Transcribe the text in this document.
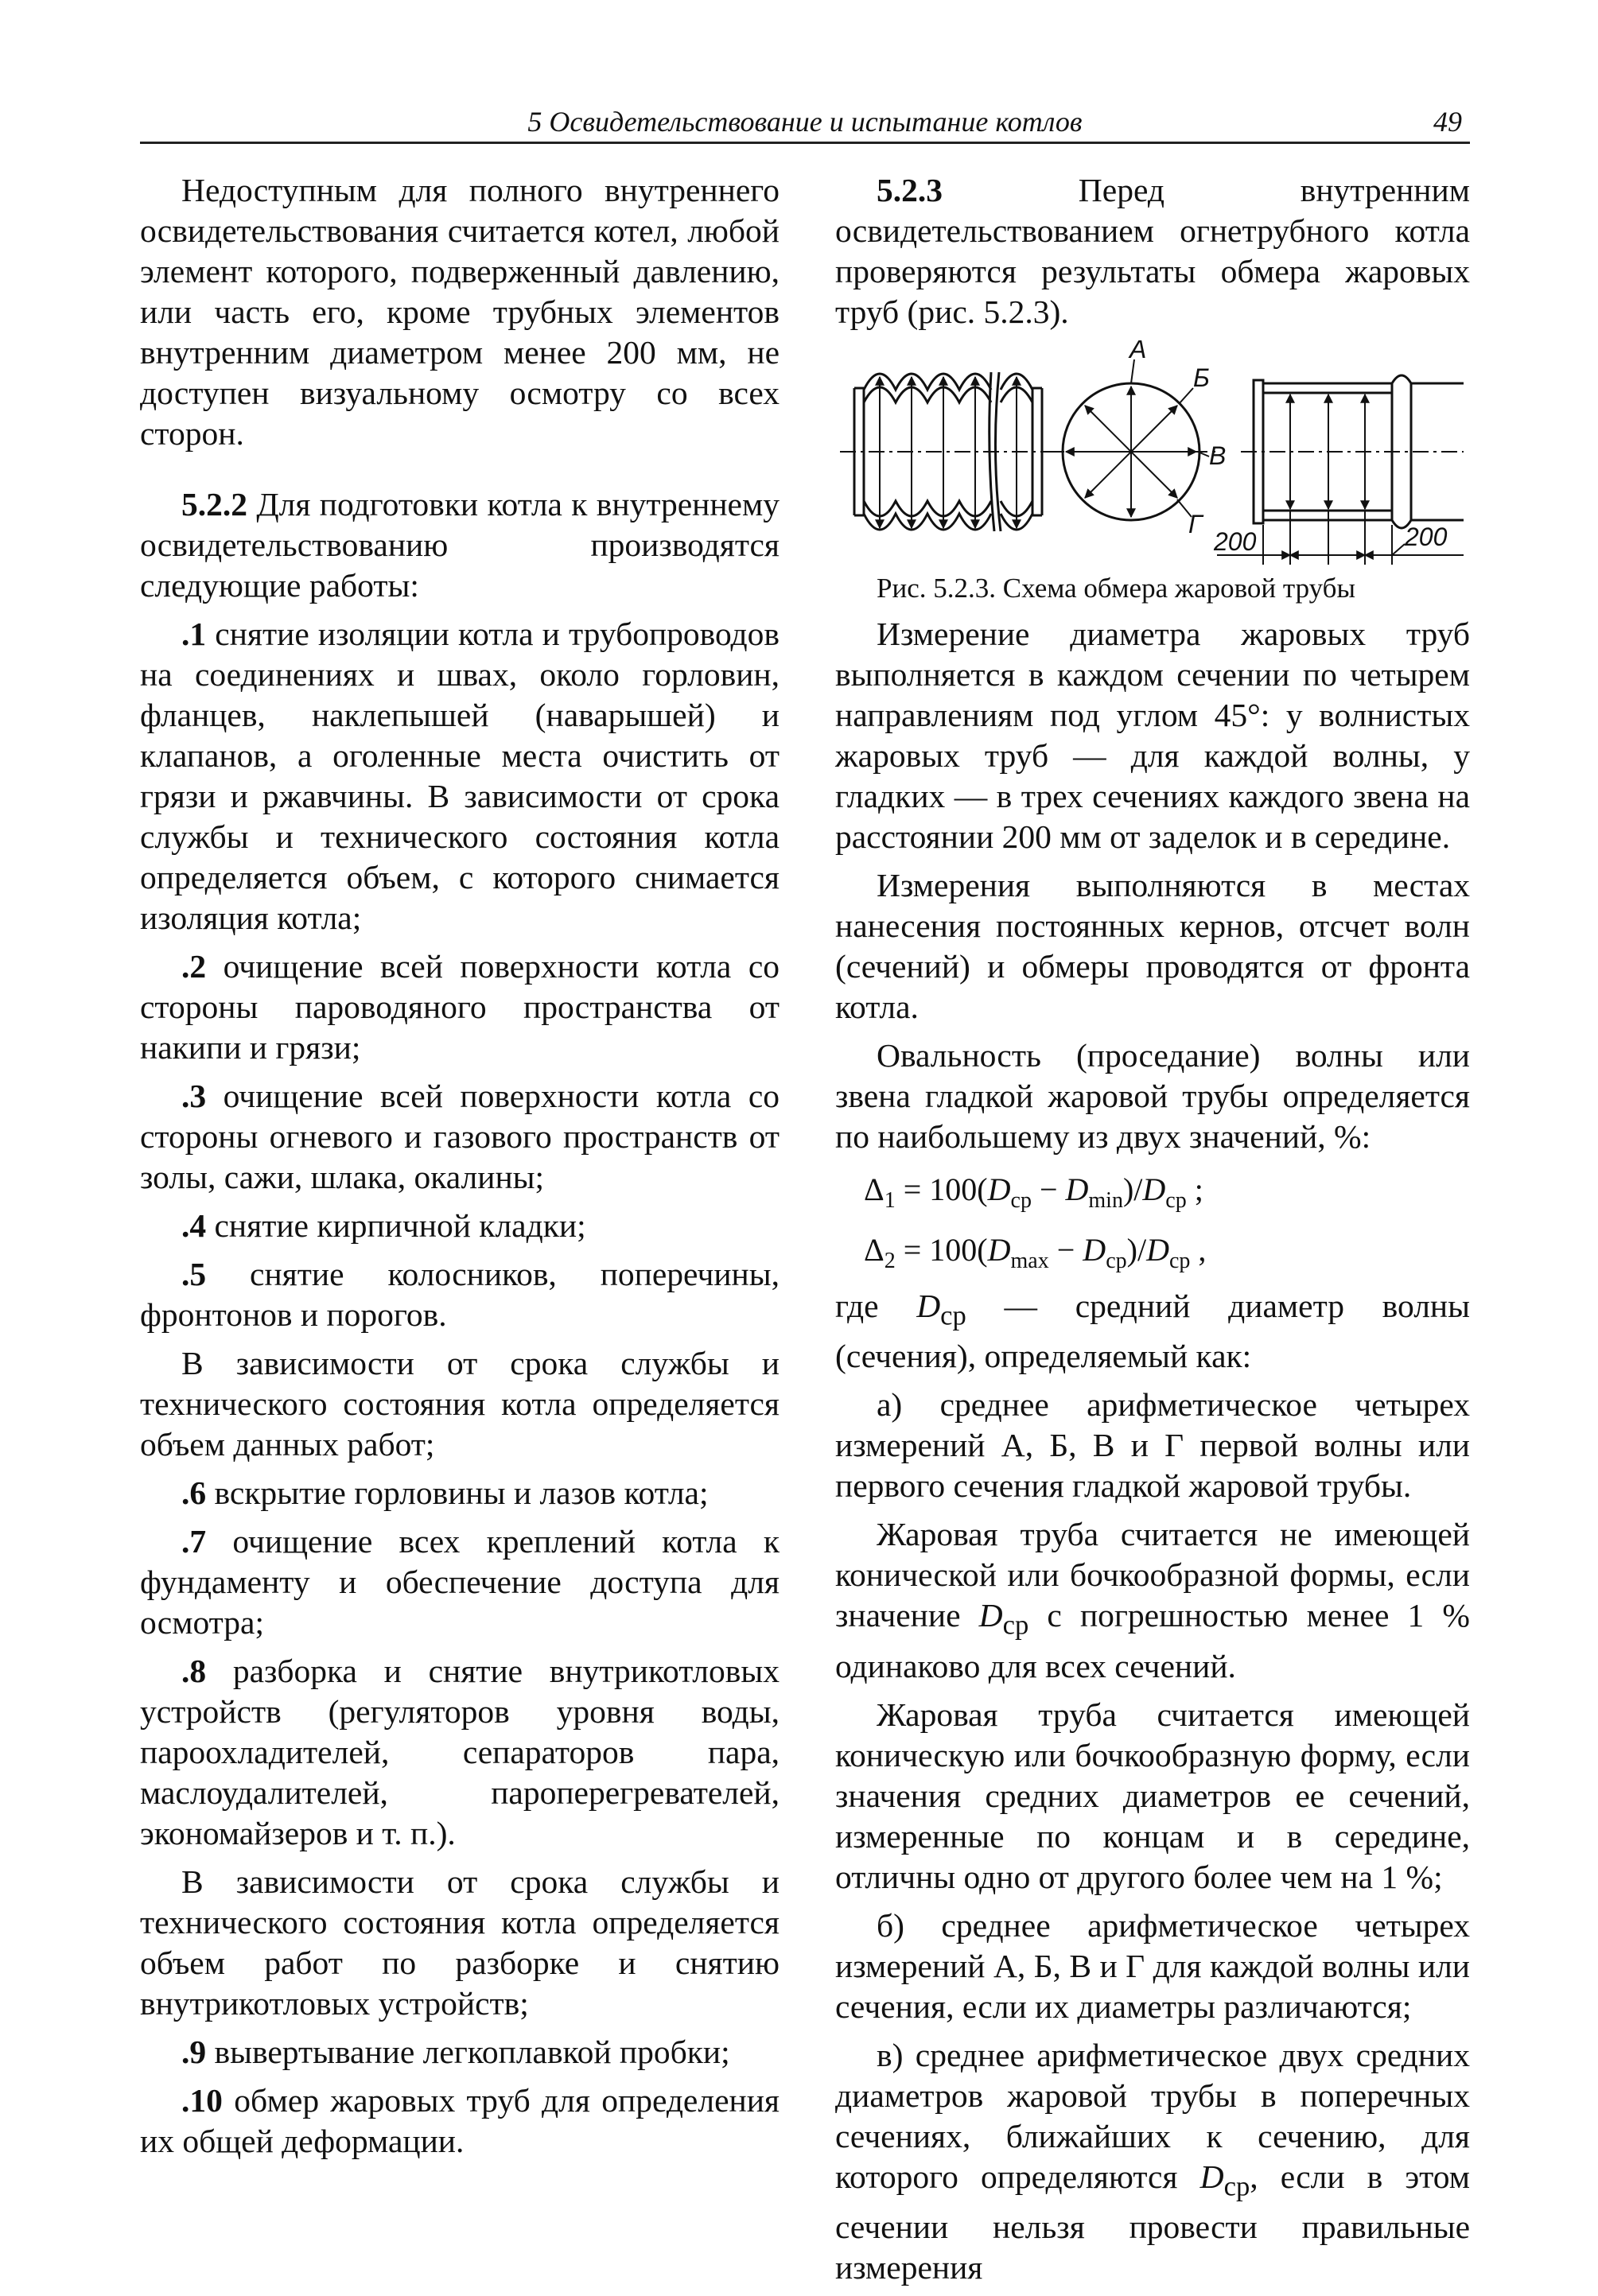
5 Освидетельствование и испытание котлов	49

Недоступным для полного внутреннего освидетельствования считается котел, любой элемент которого, подверженный давлению, или часть его, кроме трубных элементов внутренним диаметром менее 200 мм, не доступен визуальному осмотру со всех сторон.

5.2.2 Для подготовки котла к внутреннему освидетельствованию производятся следующие работы:

.1 снятие изоляции котла и трубопроводов на соединениях и швах, около горловин, фланцев, наклепышей (наварышей) и клапанов, а оголенные места очистить от грязи и ржавчины. В зависимости от срока службы и технического состояния котла определяется объем, с которого снимается изоляция котла;

.2 очищение всей поверхности котла со стороны пароводяного пространства от накипи и грязи;

.3 очищение всей поверхности котла со стороны огневого и газового пространств от золы, сажи, шлака, окалины;

.4 снятие кирпичной кладки;

.5 снятие колосников, поперечины, фронтонов и порогов.

В зависимости от срока службы и технического состояния котла определяется объем данных работ;

.6 вскрытие горловины и лазов котла;

.7 очищение всех креплений котла к фундаменту и обеспечение доступа для осмотра;

.8 разборка и снятие внутрикотловых устройств (регуляторов уровня воды, пароохладителей, сепараторов пара, маслоудалителей, пароперегревателей, экономайзеров и т. п.).

В зависимости от срока службы и технического состояния котла определяется объем работ по разборке и снятию внутрикотловых устройств;

.9 вывертывание легкоплавкой пробки;

.10 обмер жаровых труб для определения их общей деформации.

5.2.3 Перед внутренним освидетельствованием огнетрубного котла проверяются результаты обмера жаровых труб (рис. 5.2.3).

А
Б
В
Г
200	200

Рис. 5.2.3. Схема обмера жаровой трубы

Измерение диаметра жаровых труб выполняется в каждом сечении по четырем направлениям под углом 45°: у волнистых жаровых труб — для каждой волны, у гладких — в трех сечениях каждого звена на расстоянии 200 мм от заделок и в середине.

Измерения выполняются в местах нанесения постоянных кернов, отсчет волн (сечений) и обмеры проводятся от фронта котла.

Овальность (проседание) волны или звена гладкой жаровой трубы определяется по наибольшему из двух значений, %:

$\Delta_1 = 100(D_{ср} - D_{min})/D_{ср}$ ;

$\Delta_2 = 100(D_{max} - D_{ср})/D_{ср}$ ,

где $D_{ср}$ — средний диаметр волны (сечения), определяемый как:

а) среднее арифметическое четырех измерений А, Б, В и Г первой волны или первого сечения гладкой жаровой трубы.

Жаровая труба считается не имеющей конической или бочкообразной формы, если значение $D_{ср}$ с погрешностью менее 1 % одинаково для всех сечений.

Жаровая труба считается имеющей коническую или бочкообразную форму, если значения средних диаметров ее сечений, измеренные по концам и в середине, отличны одно от другого более чем на 1 %;

б) среднее арифметическое четырех измерений А, Б, В и Г для каждой волны или сечения, если их диаметры различаются;

в) среднее арифметическое двух средних диаметров жаровой трубы в поперечных сечениях, ближайших к сечению, для которого определяются $D_{ср}$, если в этом сечении нельзя провести правильные измерения
